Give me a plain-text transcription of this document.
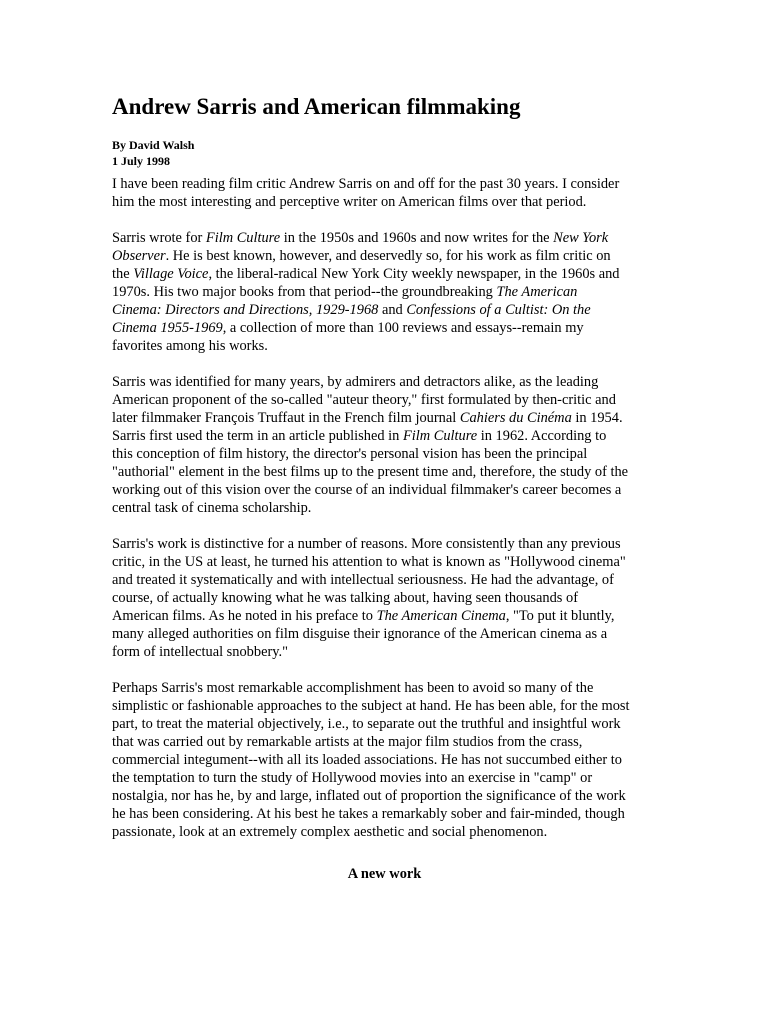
Andrew Sarris and American filmmaking
By David Walsh
1 July 1998

I have been reading film critic Andrew Sarris on and off for the past 30 years. I consider
him the most interesting and perceptive writer on American films over that period.

Sarris wrote for Film Culture in the 1950s and 1960s and now writes for the New York
Observer. He is best known, however, and deservedly so, for his work as film critic on
the Village Voice, the liberal-radical New York City weekly newspaper, in the 1960s and
1970s. His two major books from that period--the groundbreaking The American
Cinema: Directors and Directions, 1929-1968 and Confessions of a Cultist: On the
Cinema 1955-1969, a collection of more than 100 reviews and essays--remain my
favorites among his works.

Sarris was identified for many years, by admirers and detractors alike, as the leading
American proponent of the so-called "auteur theory," first formulated by then-critic and
later filmmaker François Truffaut in the French film journal Cahiers du Cinéma in 1954.
Sarris first used the term in an article published in Film Culture in 1962. According to
this conception of film history, the director's personal vision has been the principal
"authorial" element in the best films up to the present time and, therefore, the study of the
working out of this vision over the course of an individual filmmaker's career becomes a
central task of cinema scholarship.

Sarris's work is distinctive for a number of reasons. More consistently than any previous
critic, in the US at least, he turned his attention to what is known as "Hollywood cinema"
and treated it systematically and with intellectual seriousness. He had the advantage, of
course, of actually knowing what he was talking about, having seen thousands of
American films. As he noted in his preface to The American Cinema, "To put it bluntly,
many alleged authorities on film disguise their ignorance of the American cinema as a
form of intellectual snobbery."

Perhaps Sarris's most remarkable accomplishment has been to avoid so many of the
simplistic or fashionable approaches to the subject at hand. He has been able, for the most
part, to treat the material objectively, i.e., to separate out the truthful and insightful work
that was carried out by remarkable artists at the major film studios from the crass,
commercial integument--with all its loaded associations. He has not succumbed either to
the temptation to turn the study of Hollywood movies into an exercise in "camp" or
nostalgia, nor has he, by and large, inflated out of proportion the significance of the work
he has been considering. At his best he takes a remarkably sober and fair-minded, though
passionate, look at an extremely complex aesthetic and social phenomenon.

A new work
